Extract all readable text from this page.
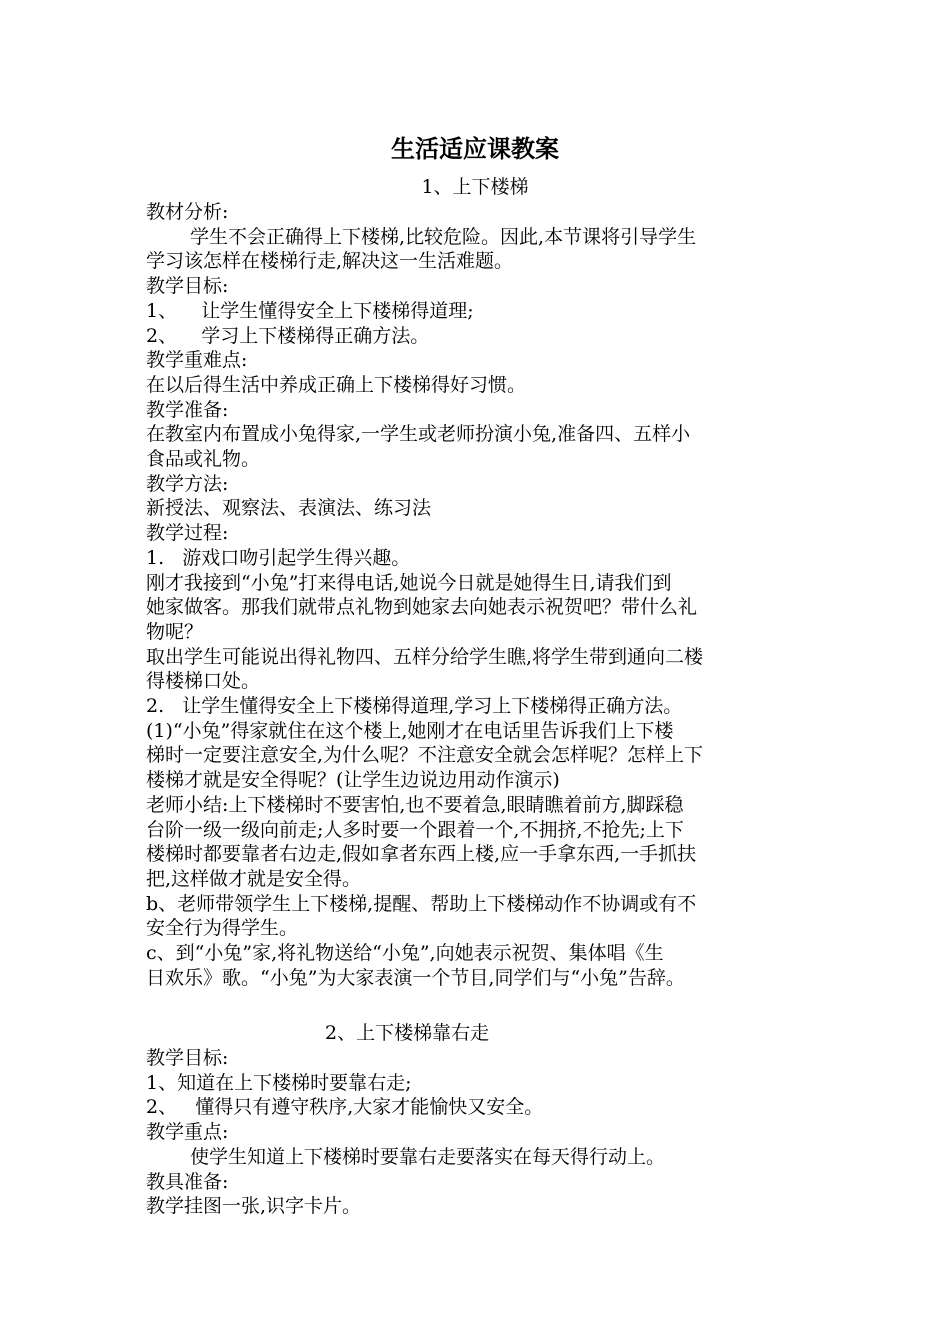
生活适应课教案
1、上下楼梯

教材分析:

学生不会正确得上下楼梯,比较危险。因此,本节课将引导学生

学习该怎样在楼梯行走,解决这一生活难题。

教学目标:

1、    让学生懂得安全上下楼梯得道理;

2、    学习上下楼梯得正确方法。

教学重难点:

在以后得生活中养成正确上下楼梯得好习惯。

教学准备:

在教室内布置成小兔得家,一学生或老师扮演小兔,准备四、五样小

食品或礼物。

教学方法:

新授法、观察法、表演法、练习法

教学过程:

1.   游戏口吻引起学生得兴趣。

刚才我接到“小兔”打来得电话,她说今日就是她得生日,请我们到

她家做客。那我们就带点礼物到她家去向她表示祝贺吧？带什么礼

物呢？

取出学生可能说出得礼物四、五样分给学生瞧,将学生带到通向二楼

得楼梯口处。

2.   让学生懂得安全上下楼梯得道理,学习上下楼梯得正确方法。

(1)“小兔”得家就住在这个楼上,她刚才在电话里告诉我们上下楼

梯时一定要注意安全,为什么呢？不注意安全就会怎样呢？怎样上下

楼梯才就是安全得呢？(让学生边说边用动作演示)

老师小结:上下楼梯时不要害怕,也不要着急,眼睛瞧着前方,脚踩稳

台阶一级一级向前走;人多时要一个跟着一个,不拥挤,不抢先;上下

楼梯时都要靠者右边走,假如拿者东西上楼,应一手拿东西,一手抓扶

把,这样做才就是安全得。

b、老师带领学生上下楼梯,提醒、帮助上下楼梯动作不协调或有不

安全行为得学生。

c、到“小兔”家,将礼物送给“小兔”,向她表示祝贺、集体唱《生

日欢乐》歌。“小兔”为大家表演一个节目,同学们与“小兔”告辞。

2、上下楼梯靠右走

教学目标:

1、知道在上下楼梯时要靠右走;

2、   懂得只有遵守秩序,大家才能愉快又安全。

教学重点:

使学生知道上下楼梯时要靠右走要落实在每天得行动上。

教具准备:

教学挂图一张,识字卡片。
